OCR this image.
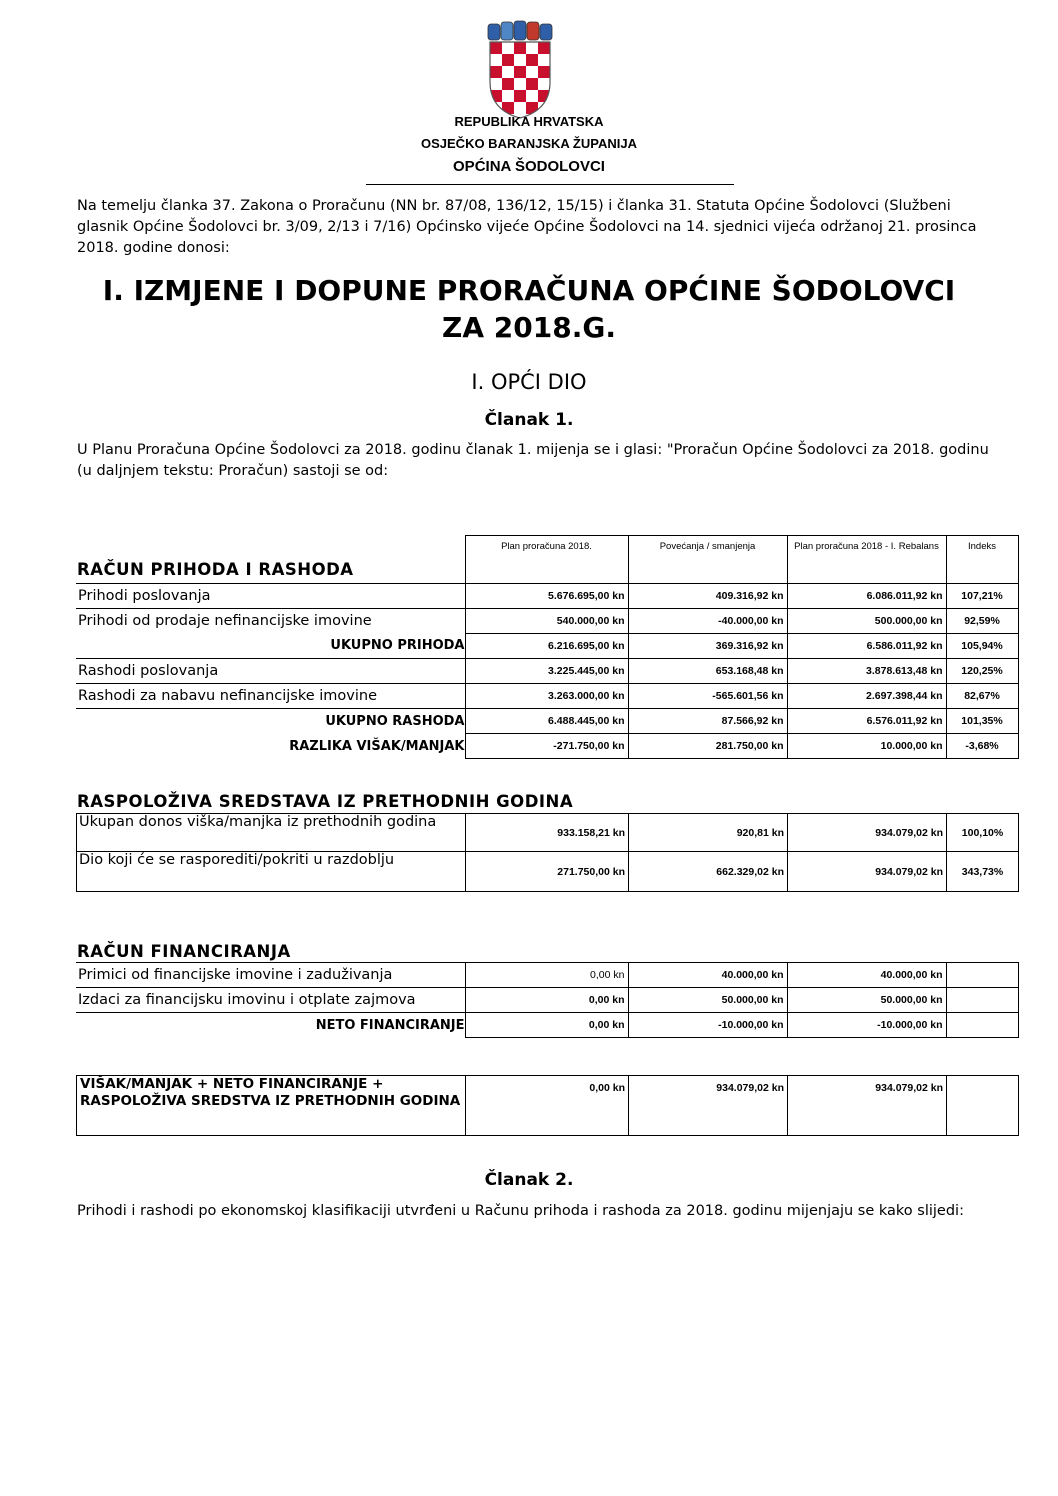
REPUBLIKA HRVATSKA
OSJEČKO BARANJSKA ŽUPANIJA
OPĆINA ŠODOLOVCI
Na temelju članka 37. Zakona o Proračunu (NN br. 87/08, 136/12, 15/15) i članka 31. Statuta Općine Šodolovci (Službeni glasnik Općine Šodolovci br. 3/09, 2/13 i 7/16) Općinsko vijeće Općine Šodolovci na 14. sjednici vijeća održanoj 21. prosinca 2018. godine donosi:
I. IZMJENE I DOPUNE PRORAČUNA OPĆINE ŠODOLOVCI
ZA 2018.G.
I. OPĆI DIO
Članak 1.
U Planu Proračuna Općine Šodolovci za 2018. godinu članak 1. mijenja se i glasi: "Proračun Općine Šodolovci za 2018. godinu (u daljnjem tekstu: Proračun) sastoji se od:
RAČUN PRIHODA I RASHODA
	Plan proračuna 2018.	Povećanja / smanjenja	Plan proračuna 2018 - I. Rebalans	Indeks
Prihodi poslovanja	5.676.695,00 kn	409.316,92 kn	6.086.011,92 kn	107,21%
Prihodi od prodaje nefinancijske imovine	540.000,00 kn	-40.000,00 kn	500.000,00 kn	92,59%
UKUPNO PRIHODA	6.216.695,00 kn	369.316,92 kn	6.586.011,92 kn	105,94%
Rashodi poslovanja	3.225.445,00 kn	653.168,48 kn	3.878.613,48 kn	120,25%
Rashodi za nabavu nefinancijske imovine	3.263.000,00 kn	-565.601,56 kn	2.697.398,44 kn	82,67%
UKUPNO RASHODA	6.488.445,00 kn	87.566,92 kn	6.576.011,92 kn	101,35%
RAZLIKA VIŠAK/MANJAK	-271.750,00 kn	281.750,00 kn	10.000,00 kn	-3,68%
RASPOLOŽIVA SREDSTAVA IZ PRETHODNIH GODINA
Ukupan donos viška/manjka iz prethodnih godina	933.158,21 kn	920,81 kn	934.079,02 kn	100,10%
Dio koji će se rasporediti/pokriti u razdoblju	271.750,00 kn	662.329,02 kn	934.079,02 kn	343,73%
RAČUN FINANCIRANJA
Primici od financijske imovine i zaduživanja	0,00 kn	40.000,00 kn	40.000,00 kn	
Izdaci za financijsku imovinu i otplate zajmova	0,00 kn	50.000,00 kn	50.000,00 kn	
NETO FINANCIRANJE	0,00 kn	-10.000,00 kn	-10.000,00 kn	
VIŠAK/MANJAK + NETO FINANCIRANJE + RASPOLOŽIVA SREDSTVA IZ PRETHODNIH GODINA	0,00 kn	934.079,02 kn	934.079,02 kn	
Članak 2.
Prihodi i rashodi po ekonomskoj klasifikaciji utvrđeni u Računu prihoda i rashoda za 2018. godinu mijenjaju se kako slijedi:
